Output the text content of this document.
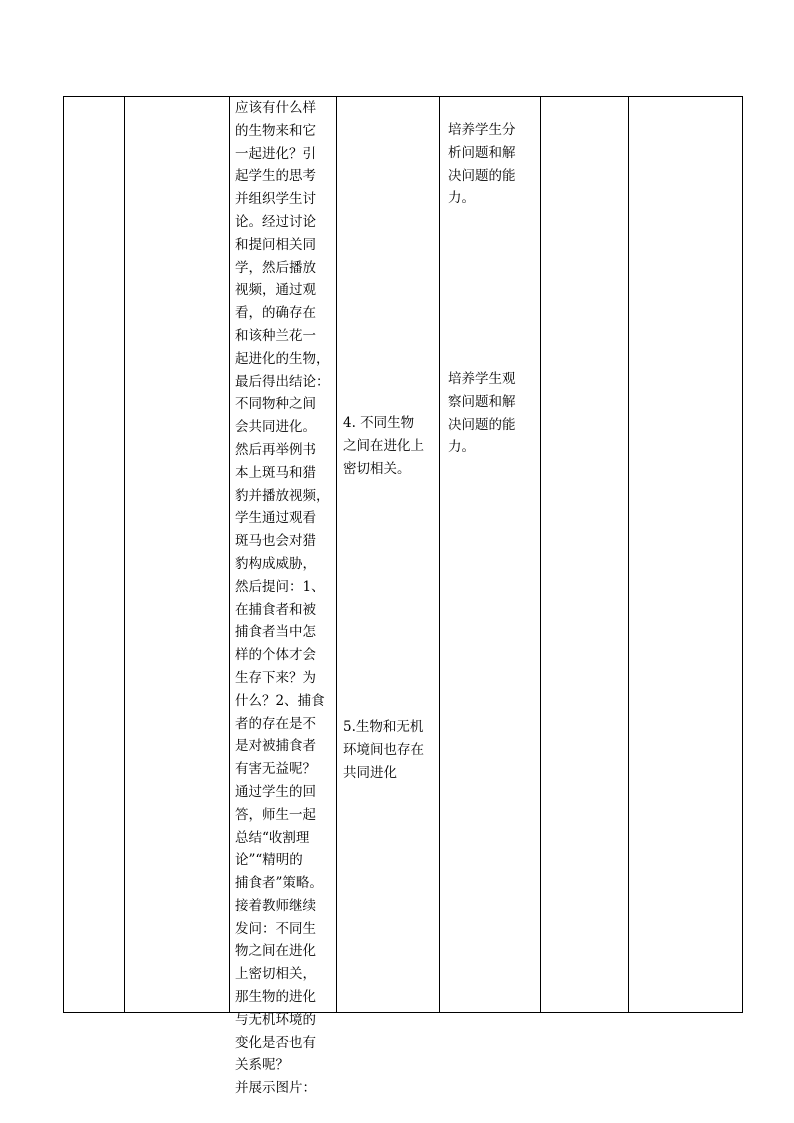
应该有什么样
的生物来和它
一起进化？引
起学生的思考
并组织学生讨
论。经过讨论
和提问相关同
学，然后播放
视频，通过观
看，的确存在
和该种兰花一
起进化的生物，
最后得出结论：
不同物种之间
会共同进化。
然后再举例书
本上斑马和猎
豹并播放视频，
学生通过观看
斑马也会对猎
豹构成威胁，
然后提问：1、
在捕食者和被
捕食者当中怎
样的个体才会
生存下来？为
什么？2、捕食
者的存在是不
是对被捕食者
有害无益呢？
通过学生的回
答，师生一起
总结“收割理
论”“精明的
捕食者”策略。
接着教师继续
发问：不同生
物之间在进化
上密切相关，
那生物的进化
与无机环境的
变化是否也有
关系呢？
并展示图片：

4. 不同生物
之间在进化上
密切相关。
5.生物和无机
环境间也存在
共同进化

培养学生分
析问题和解
决问题的能
力。
培养学生观
察问题和解
决问题的能
力。
